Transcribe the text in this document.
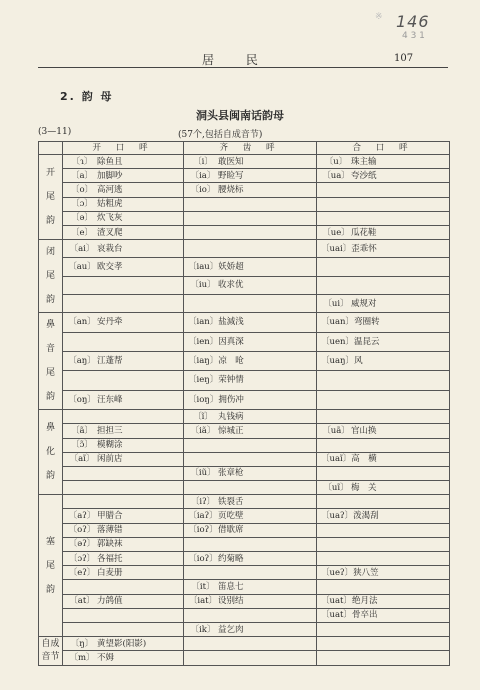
146
4 3 1
※
居 民	107
2. 韵 母
洞头县闽南话韵母
(3—11)	(57个,包括自成音节)
	开 口 呼	齐 齿 呼	合 口 呼

开
尾
韵	〔ɿ〕 除鱼且	〔i〕 敢医知	〔u〕 珠主输
	〔a〕 加脚吵	〔ia〕 野睑写	〔ua〕夸沙纸
	〔o〕 高河逃	〔io〕 腰烧标	
	〔ɔ〕 姑粗虎		
	〔ə〕 炊飞灰		
	〔e〕 渣叉爬		〔ue〕瓜花鞋

闭
尾
韵	〔ai〕 哀栽台		〔uai〕歪乖怀
	〔au〕欧交孝	〔iau〕妖娇超	
		〔iu〕 收求优	
			〔ui〕 威规对

鼻
音
尾
韵	〔an〕安丹牵	〔ian〕盐減浅	〔uan〕弯圈转
		〔ien〕因真深	〔uen〕温昆云
	〔aŋ〕江蓬帮	〔iaŋ〕凉　呛	〔uaŋ〕风
		〔ieŋ〕荣钟情	
	〔oŋ〕汪东峰	〔ioŋ〕拥伤冲	

鼻
化
韵		〔ĩ〕 丸钱病	
	〔ã〕 担担三	〔iã〕 惊城正	〔uã〕官山换
	〔ɔ̃〕 模糊涂		
	〔aĩ〕 闲前店		〔uaĩ〕高　横
		〔iũ〕 张章枪	
			〔uĩ〕 梅　关

塞
尾
韵		〔iʔ〕 铁裂舌	
	〔aʔ〕 甲腊合	〔iaʔ〕页吃壁	〔uaʔ〕泼渴刮
	〔oʔ〕 落薄错	〔ioʔ〕借歇席	
	〔əʔ〕 郭缺袜		
	〔ɔʔ〕 各福托	〔ioʔ〕约菊略	
	〔eʔ〕 白麦册		〔ueʔ〕狭八笠
		〔it〕 笛息七	
	〔at〕 力鸽值	〔iat〕设别结	〔uat〕绝月法
			〔uat〕骨卒出
		〔ik〕 益乞肉	

自成
音节	〔ŋ〕 黄望影(阳影)		
	〔m〕 不姆		
